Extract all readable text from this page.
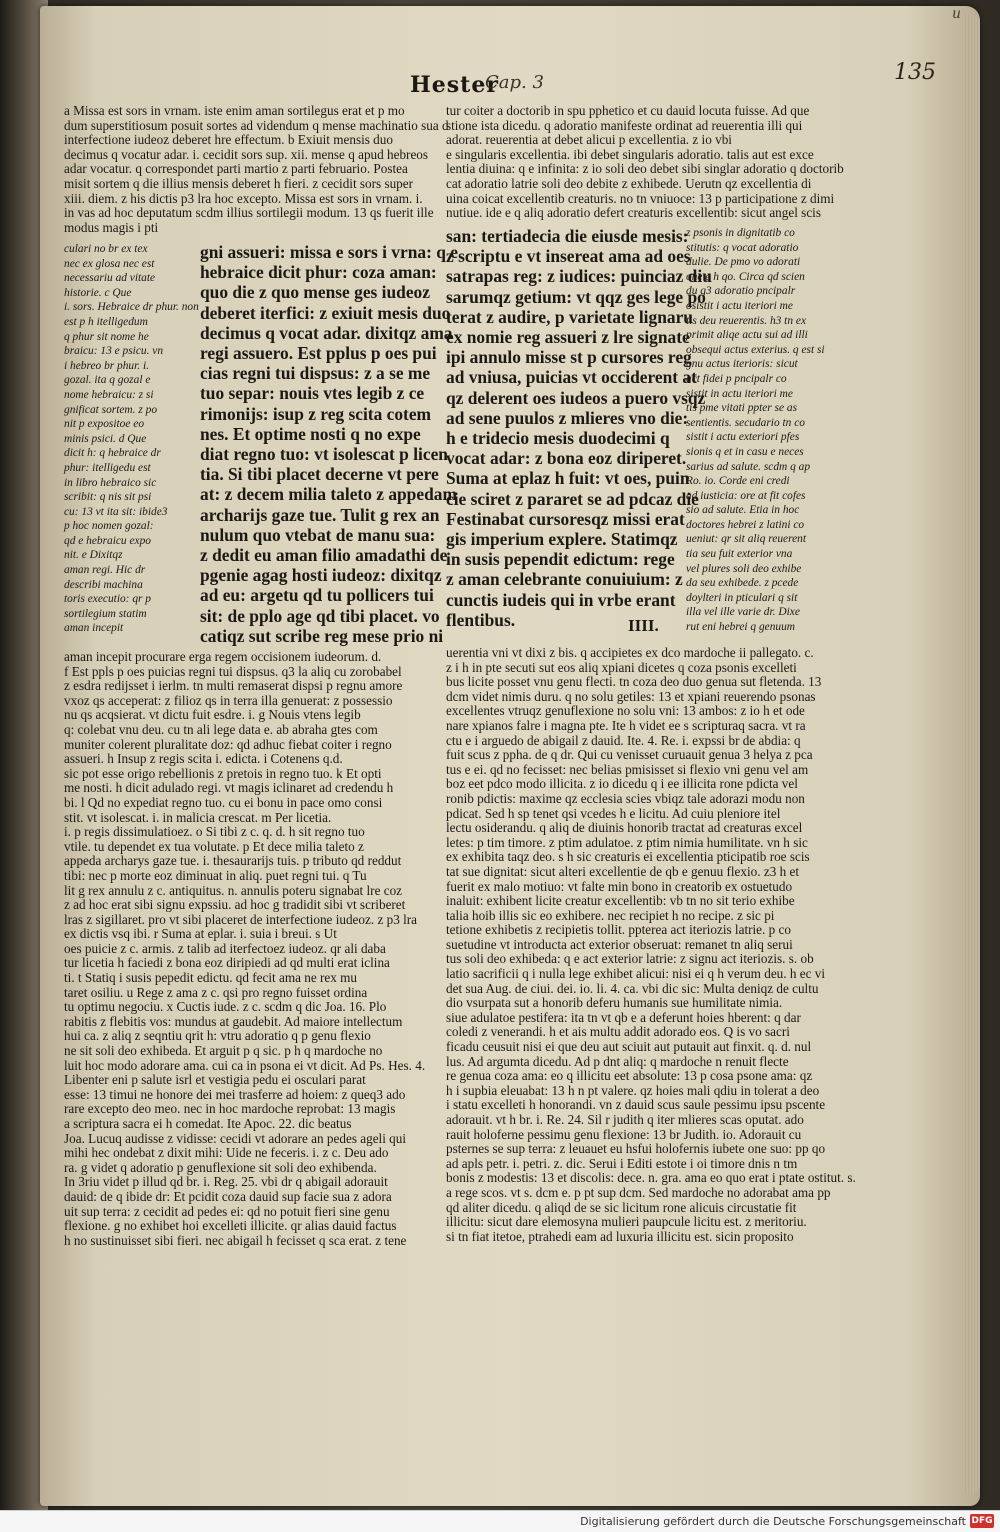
u
Hester
Cap. 3	135
a Missa est sors in vrnam. iste enim aman sortilegus erat et p mo
dum superstitiosum posuit sortes ad videndum q mense machinatio sua d
interfectione iudeoz deberet hre effectum. b Exiuit mensis duo
decimus q vocatur adar. i. cecidit sors sup. xii. mense q apud hebreos
adar vocatur. q correspondet parti martio z parti februario. Postea
misit sortem q die illius mensis deberet h fieri. z cecidit sors super
xiii. diem. z his dictis p3 lra hoc excepto. Missa est sors in vrnam. i.
in vas ad hoc deputatum scdm illius sortilegii modum. 13 qs fuerit ille
modus magis i pti
culari no br ex tex
nec ex glosa nec est
necessariu ad vitate
historie. c Que
i. sors. Hebraice dr phur. non
est p h itelligedum
q phur sit nome he
braicu: 13 e psicu. vn
i hebreo br phur. i.
gozal. ita q gozal e
nome hebraicu: z si
gnificat sortem. z po
nit p expositoe eo
minis psici. d Que
dicit h: q hebraice dr
phur: itelligedu est
in libro hebraico sic
scribit: q nis sit psi
cu: 13 vt ita sit: ibide3
p hoc nomen gozal:
qd e hebraicu expo
nit. e Dixitqz
aman regi. Hic dr
describi machina
toris executio: qr p
sortilegium statim
aman incepit
gni assueri: missa e sors i vrna: q e
hebraice dicit phur: coza aman:
quo die z quo mense ges iudeoz
deberet iterfici: z exiuit mesis duo
decimus q vocat adar. dixitqz ama
regi assuero. Est pplus p oes pui
cias regni tui dispsus: z a se me
tuo separ: nouis vtes legib z ce
rimonijs: isup z reg scita cotem
nes. Et optime nosti q no expe
diat regno tuo: vt isolescat p licen
tia. Si tibi placet decerne vt pere
at: z decem milia taleto z appedam
archarijs gaze tue. Tulit g rex an
nulum quo vtebat de manu sua:
z dedit eu aman filio amadathi de
pgenie agag hosti iudeoz: dixitqz
ad eu: argetu qd tu pollicers tui
sit: de pplo age qd tibi placet. vo
catiqz sut scribe reg mese prio ni
aman incepit procurare erga regem occisionem iudeorum. d.
f Est ppls p oes puicias regni tui dispsus. q3 la aliq cu zorobabel
z esdra redijsset i ierlm. tn multi remaserat dispsi p regnu amore
vxoz qs acceperat: z filioz qs in terra illa genuerat: z possessio
nu qs acqsierat. vt dictu fuit esdre. i. g Nouis vtens legib
q: colebat vnu deu. cu tn ali lege data e. ab abraha gtes com
muniter colerent pluralitate doz: qd adhuc fiebat coiter i regno
assueri. h Insup z regis scita i. edicta. i Cotenens q.d.
sic pot esse origo rebellionis z pretois in regno tuo. k Et opti
me nosti. h dicit adulado regi. vt magis iclinaret ad credendu h
bi. l Qd no expediat regno tuo. cu ei bonu in pace omo consi
stit. vt isolescat. i. in malicia crescat. m Per licetia.
i. p regis dissimulatioez. o Si tibi z c. q. d. h sit regno tuo
vtile. tu dependet ex tua volutate. p Et dece milia taleto z
appeda archarys gaze tue. i. thesaurarijs tuis. p tributo qd reddut
tibi: nec p morte eoz diminuat in aliq. puet regni tui. q Tu
lit g rex annulu z c. antiquitus. n. annulis poteru signabat lre coz
z ad hoc erat sibi signu expssiu. ad hoc g tradidit sibi vt scriberet
lras z sigillaret. pro vt sibi placeret de interfectione iudeoz. z p3 lra
ex dictis vsq ibi. r Suma at eplar. i. suia i breui. s Ut
oes puicie z c. armis. z talib ad iterfectoez iudeoz. qr ali daba
tur licetia h faciedi z bona eoz diripiedi ad qd multi erat iclina
ti. t Statiq i susis pepedit edictu. qd fecit ama ne rex mu
taret osiliu. u Rege z ama z c. qsi pro regno fuisset ordina
tu optimu negociu. x Cuctis iude. z c. scdm q dic Joa. 16. Plo
rabitis z flebitis vos: mundus at gaudebit. Ad maiore intellectum
hui ca. z aliq z seqntiu qrit h: vtru adoratio q p genu flexio
ne sit soli deo exhibeda. Et arguit p q sic. p h q mardoche no
luit hoc modo adorare ama. cui ca in psona ei vt dicit. Ad Ps. Hes. 4.
Libenter eni p salute isrl et vestigia pedu ei osculari parat
esse: 13 timui ne honore dei mei trasferre ad hoiem: z queq3 ado
rare excepto deo meo. nec in hoc mardoche reprobat: 13 magis
a scriptura sacra ei h comedat. Ite Apoc. 22. dic beatus
Joa. Lucuq audisse z vidisse: cecidi vt adorare an pedes ageli qui
mihi hec ondebat z dixit mihi: Uide ne feceris. i. z c. Deu ado
ra. g videt q adoratio p genuflexione sit soli deo exhibenda.
In 3riu videt p illud qd br. i. Reg. 25. vbi dr q abigail adorauit
dauid: de q ibide dr: Et pcidit coza dauid sup facie sua z adora
uit sup terra: z cecidit ad pedes ei: qd no potuit fieri sine genu
flexione. g no exhibet hoi excelleti illicite. qr alias dauid factus
h no sustinuisset sibi fieri. nec abigail h fecisset q sca erat. z tene
tur coiter a doctorib in spu pphetico et cu dauid locuta fuisse. Ad que
stione ista dicedu. q adoratio manifeste ordinat ad reuerentia illi qui
adorat. reuerentia at debet alicui p excellentia. z io vbi
e singularis excellentia. ibi debet singularis adoratio. talis aut est exce
lentia diuina: q e infinita: z io soli deo debet sibi singlar adoratio q doctorib
cat adoratio latrie soli deo debite z exhibede. Uerutn qz excellentia di
uina coicat excellentib creaturis. no tn vniuoce: 13 p participatione z dimi
nutiue. ide e q aliq adoratio defert creaturis excellentib: sicut angel scis
san: tertiadecia die eiusde mesis:
z scriptu e vt insereat ama ad oes
satrapas reg: z iudices: puinciaz diu
sarumqz getium: vt qqz ges lege po
terat z audire, p varietate lignaru
ex nomie reg assueri z lre signate
ipi annulo misse st p cursores reg
ad vniusa, puicias vt occiderent at
qz delerent oes iudeos a puero vsqz
ad sene puulos z mlieres vno die:
h e tridecio mesis duodecimi q
vocat adar: z bona eoz diriperet.
Suma at eplaz h fuit: vt oes, puin
cie sciret z pararet se ad pdcaz die
Festinabat cursoresqz missi erat
gis imperium explere. Statimqz
in susis pependit edictum: rege
z aman celebrante conuiuium: z
cunctis iudeis qui in vrbe erant
flentibus.	IIII.
z psonis in dignitatib co
stitutis: q vocat adoratio
dulie. De pmo vo adorati
one e h qo. Circa qd scien
du q3 adoratio pncipalr
osistit i actu iteriori me
tis deu reuerentis. h3 tn ex
primit aliqe actu sui ad illi
obsequi actus exterius. q est si
gnu actus iterioris: sicut
act fidei p pncipalr co
sistit in actu iteriori me
tis pme vitati ppter se as
sentientis. secudario tn co
sistit i actu exteriori pfes
sionis q et in casu e neces
sarius ad salute. scdm q ap
Ro. io. Corde eni credi
ad iusticia: ore at fit cofes
sio ad salute. Etia in hoc
doctores hebrei z latini co
ueniut: qr sit aliq reuerent
tia seu fuit exterior vna
vel plures soli deo exhibe
da seu exhibede. z pcede
doylteri in pticulari q sit
illa vel ille varie dr. Dixe
rut eni hebrei q genuum
uerentia vni vt dixi z bis. q accipietes ex dco mardoche ii pallegato. c.
z i h in pte secuti sut eos aliq xpiani dicetes q coza psonis excelleti
bus licite posset vnu genu flecti. tn coza deo duo genua sut fletenda. 13
dcm videt nimis duru. q no solu getiles: 13 et xpiani reuerendo psonas
excellentes vtruqz genuflexione no solu vni: 13 ambos: z io h et ode
nare xpianos falre i magna pte. Ite h videt ee s scripturaq sacra. vt ra
ctu e i arguedo de abigail z dauid. Ite. 4. Re. i. expssi br de abdia: q
fuit scus z ppha. de q dr. Qui cu venisset curuauit genua 3 helya z pca
tus e ei. qd no fecisset: nec belias pmisisset si flexio vni genu vel am
boz eet pdco modo illicita. z io dicedu q i ee illicita rone pdicta vel
ronib pdictis: maxime qz ecclesia scies vbiqz tale adorazi modu non
pdicat. Sed h sp tenet qsi vcedes h e licitu. Ad cuiu pleniore itel
lectu osiderandu. q aliq de diuinis honorib tractat ad creaturas excel
letes: p tim timore. z ptim adulatoe. z ptim nimia humilitate. vn h sic
ex exhibita taqz deo. s h sic creaturis ei excellentia pticipatib roe scis
tat sue dignitat: sicut alteri excellentie de qb e genuu flexio. z3 h et
fuerit ex malo motiuo: vt falte min bono in creatorib ex ostuetudo
inaluit: exhibent licite creatur excellentib: vb tn no sit terio exhibe
talia hoib illis sic eo exhibere. nec recipiet h no recipe. z sic pi
tetione exhibetis z recipietis tollit. ppterea act iteriozis latrie. p co
suetudine vt introducta act exterior obseruat: remanet tn aliq serui
tus soli deo exhibeda: q e act exterior latrie: z signu act iteriozis. s. ob
latio sacrificii q i nulla lege exhibet alicui: nisi ei q h verum deu. h ec vi
det sua Aug. de ciui. dei. io. li. 4. ca. vbi dic sic: Multa deniqz de cultu
dio vsurpata sut a honorib deferu humanis sue humilitate nimia.
siue adulatoe pestifera: ita tn vt qb e a deferunt hoies hberent: q dar
coledi z venerandi. h et ais multu addit adorado eos. Q is vo sacri
ficadu ceusuit nisi ei que deu aut sciuit aut putauit aut finxit. q. d. nul
lus. Ad argumta dicedu. Ad p dnt aliq: q mardoche n renuit flecte
re genua coza ama: eo q illicitu eet absolute: 13 p cosa psone ama: qz
h i supbia eleuabat: 13 h n pt valere. qz hoies mali qdiu in tolerat a deo
i statu excelleti h honorandi. vn z dauid scus saule pessimu ipsu pscente
adorauit. vt h br. i. Re. 24. Sil r judith q iter mlieres scas oputat. ado
rauit holoferne pessimu genu flexione: 13 br Judith. io. Adorauit cu
psternes se sup terra: z leuauet eu hsfui holofernis iubete one suo: pp qo
ad apls petr. i. petri. z. dic. Serui i Editi estote i oi timore dnis n tm
bonis z modestis: 13 et discolis: dece. n. gra. ama eo quo erat i ptate ostitut. s.
a rege scos. vt s. dcm e. p pt sup dcm. Sed mardoche no adorabat ama pp
qd aliter dicedu. q aliqd de se sic licitum rone alicuis circustatie fit
illicitu: sicut dare elemosyna mulieri paupcule licitu est. z meritoriu.
si tn fiat itetoe, ptrahedi eam ad luxuria illicitu est. sicin proposito
Digitalisierung gefördert durch die Deutsche Forschungsgemeinschaft DFG
